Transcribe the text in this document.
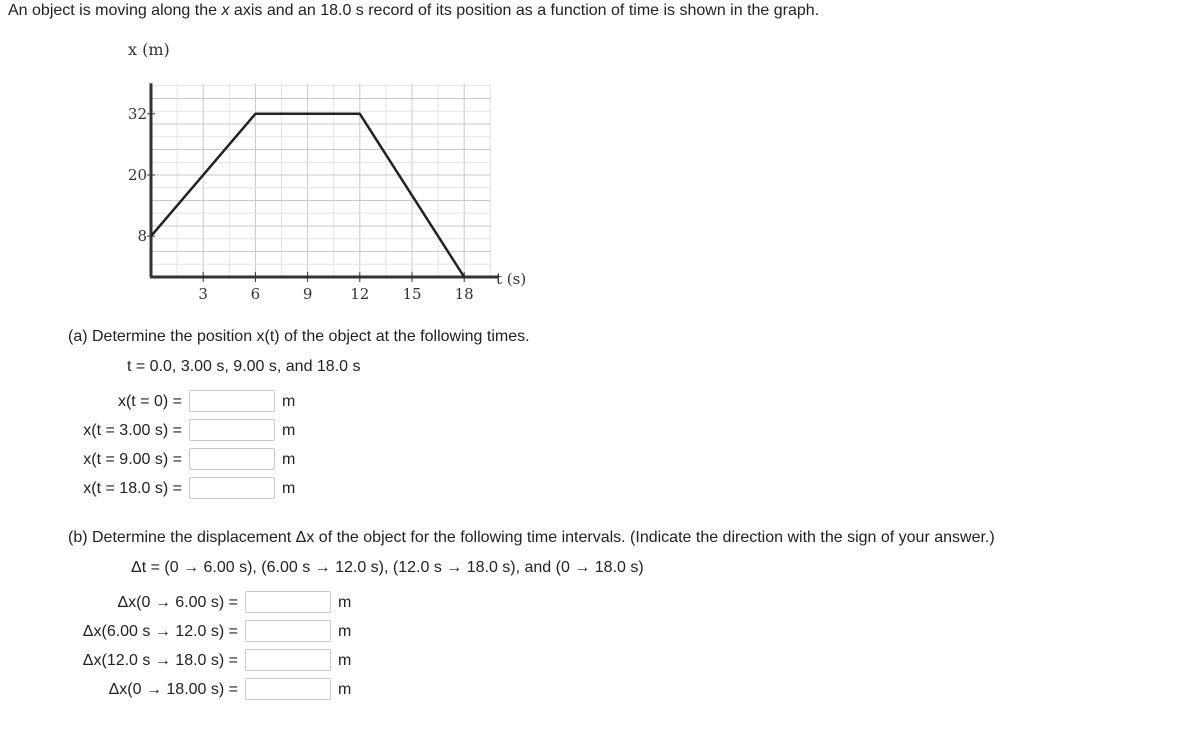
An object is moving along the x axis and an 18.0 s record of its position as a function of time is shown in the graph.
3	6	9	12 15 18
8
20
32
x (m)
t (s)
(a) Determine the position x(t) of the object at the following times.
t = 0.0, 3.00 s, 9.00 s, and 18.0 s
x(t = 0) =	m
x(t = 3.00 s) =	m
x(t = 9.00 s) =	m
x(t = 18.0 s) =	m
(b) Determine the displacement Δx of the object for the following time intervals. (Indicate the direction with the sign of your answer.)
Δt = (0 → 6.00 s), (6.00 s → 12.0 s), (12.0 s → 18.0 s), and (0 → 18.0 s)
Δx(0 → 6.00 s) =	m
Δx(6.00 s → 12.0 s) =	m
Δx(12.0 s → 18.0 s) =	m
Δx(0 → 18.00 s) =	m
